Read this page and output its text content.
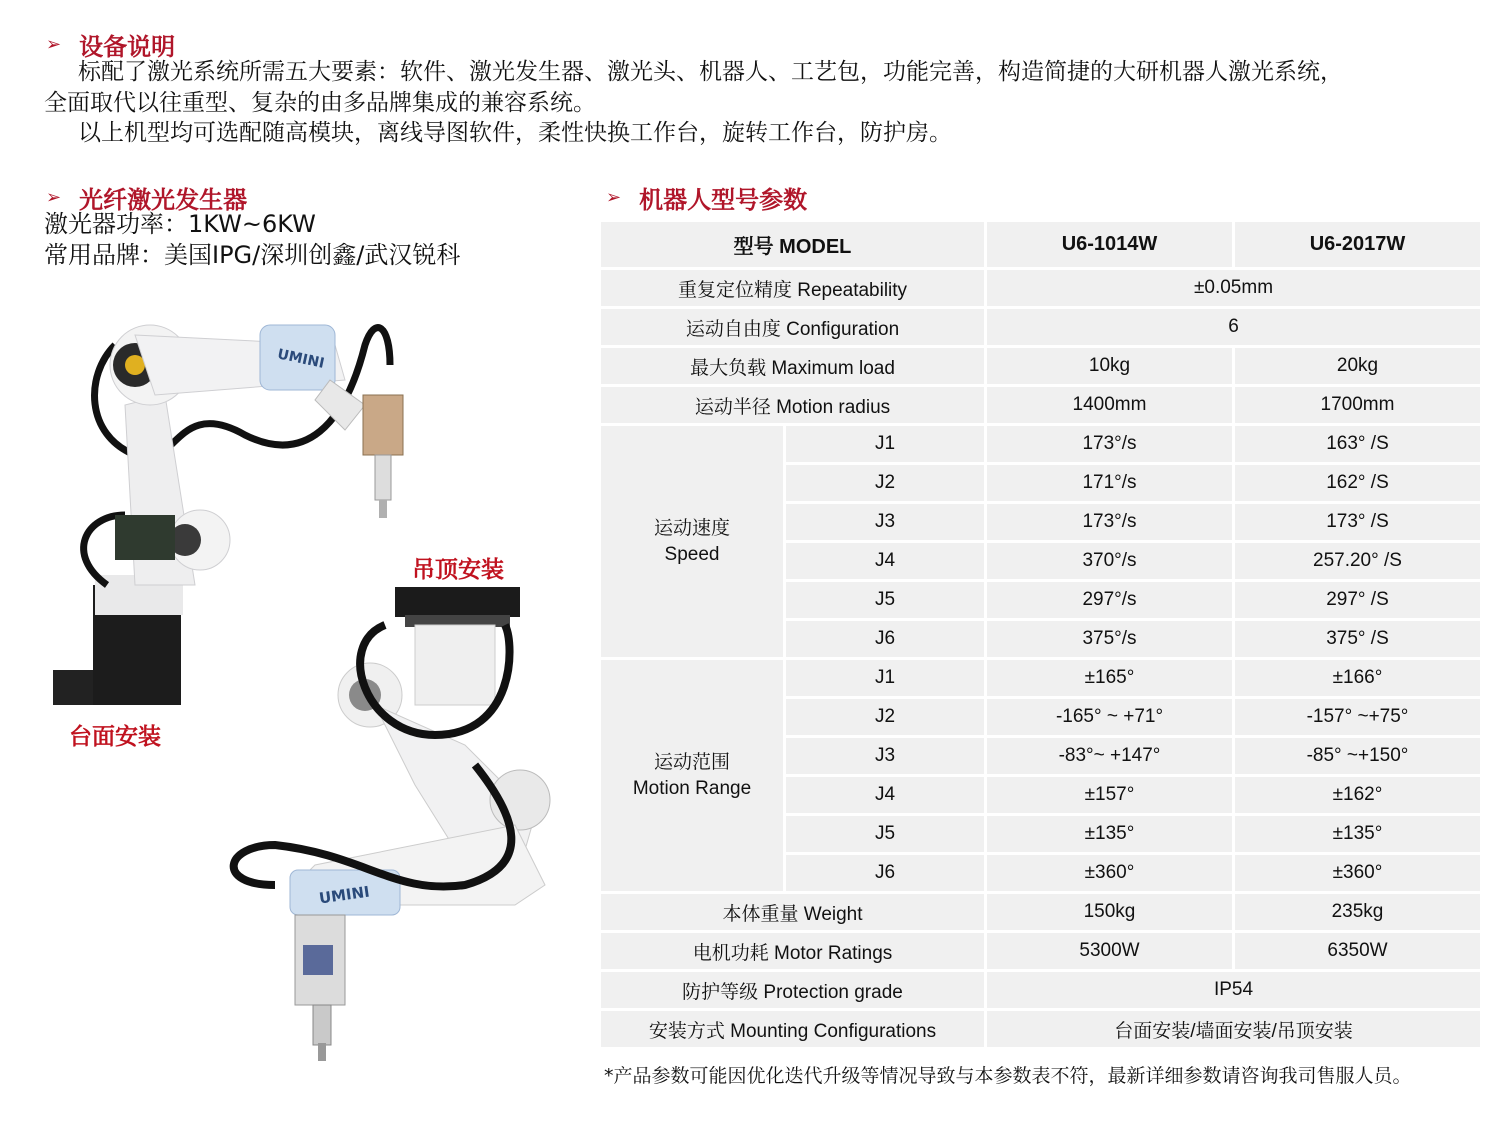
➢ 设备说明
标配了激光系统所需五大要素：软件、激光发生器、激光头、机器人、工艺包，功能完善，构造简捷的大研机器人激光系统，
全面取代以往重型、复杂的由多品牌集成的兼容系统。
以上机型均可选配随高模块，离线导图软件，柔性快换工作台，旋转工作台，防护房。
➢ 光纤激光发生器
激光器功率：1KW~6KW
常用品牌：美国IPG/深圳创鑫/武汉锐科
UMINI
UMINI
台面安装
吊顶安装
➢ 机器人型号参数
型号 MODEL		U6-1014W	U6-2017W
重复定位精度 Repeatability		±0.05mm	
运动自由度 Configuration		6	
最大负载 Maximum load		10kg	20kg
运动半径 Motion radius		1400mm	1700mm

运动速度
Speed	J1	173°/s	163° /S
	J2	171°/s	162° /S
	J3	173°/s	173° /S
	J4	370°/s	257.20° /S
	J5	297°/s	297° /S
	J6	375°/s	375° /S

运动范围
Motion Range	J1	±165°	±166°
	J2	-165° ~ +71°	-157° ~+75°
	J3	-83°~ +147°	-85° ~+150°
	J4	±157°	±162°
	J5	±135°	±135°
	J6	±360°	±360°
本体重量 Weight		150kg	235kg
电机功耗 Motor Ratings		5300W	6350W
防护等级 Protection grade		IP54	
安装方式 Mounting Configurations		台面安装/墙面安装/吊顶安装	
*产品参数可能因优化迭代升级等情况导致与本参数表不符，最新详细参数请咨询我司售服人员。
